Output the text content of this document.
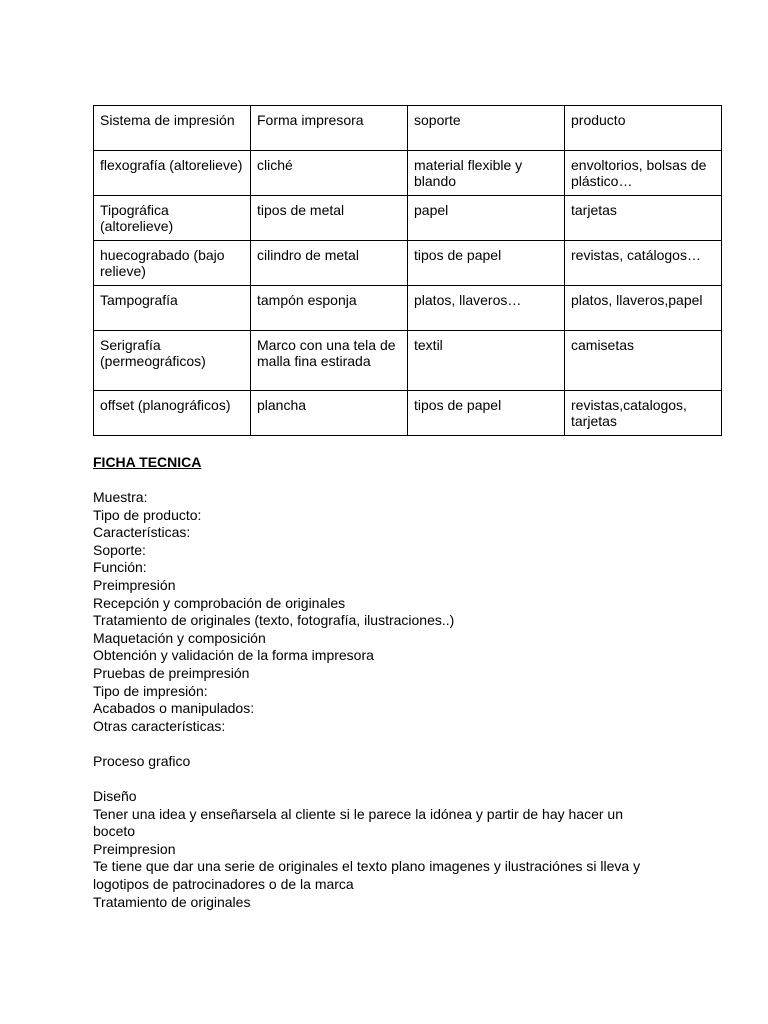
Sistema de impresión	Forma impresora	soporte	producto
flexografía (altorelieve)	cliché	material flexible y blando	envoltorios, bolsas de plástico…
Tipográfica (altorelieve)	tipos de metal	papel	tarjetas
huecograbado (bajo relieve)	cilindro de metal	tipos de papel	revistas, catálogos…
Tampografía	tampón esponja	platos, llaveros…	platos, llaveros,papel
Serigrafía (permeográficos)	Marco con una tela de malla fina estirada	textil	camisetas
offset (planográficos)	plancha	tipos de papel	revistas,catalogos, tarjetas
FICHA TECNICA
Muestra:
Tipo de producto:
Características:
Soporte:
Función:
Preimpresión
Recepción y comprobación de originales
Tratamiento de originales (texto, fotografía, ilustraciones..)
Maquetación y composición
Obtención y validación de la forma impresora
Pruebas de preimpresión
Tipo de impresión:
Acabados o manipulados:
Otras características:
Proceso grafico
Diseño
Tener una idea y enseñarsela al cliente si le parece la idónea y partir de hay hacer un boceto
Preimpresion
Te tiene que dar una serie de originales el texto plano imagenes y ilustraciónes si lleva y logotipos de patrocinadores o de la marca
Tratamiento de originales
